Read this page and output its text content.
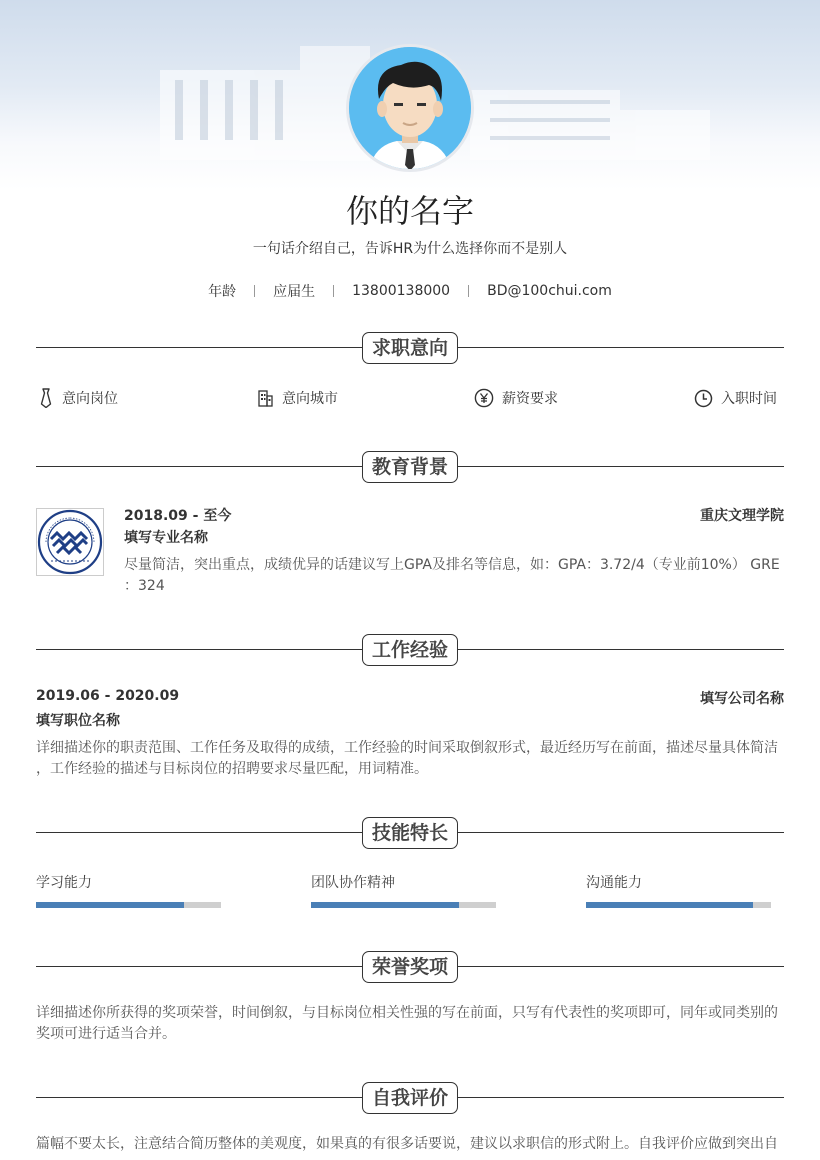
你的名字
一句话介绍自己，告诉HR为什么选择你而不是别人
年龄	应届生	13800138000	BD@100chui.com
求职意向
意向岗位	意向城市	薪资要求	入职时间
教育背景
2018.09 - 至今	重庆文理学院
填写专业名称
尽量简洁，突出重点，成绩优异的话建议写上GPA及排名等信息，如：GPA：3.72/4（专业前10%） GRE
：324
工作经验
2019.06 - 2020.09	填写公司名称
填写职位名称
详细描述你的职责范围、工作任务及取得的成绩，工作经验的时间采取倒叙形式，最近经历写在前面，描述尽量具体简洁
，工作经验的描述与目标岗位的招聘要求尽量匹配，用词精准。
技能特长
学习能力	团队协作精神	沟通能力
荣誉奖项
详细描述你所获得的奖项荣誉，时间倒叙，与目标岗位相关性强的写在前面，只写有代表性的奖项即可，同年或同类别的
奖项可进行适当合并。
自我评价
篇幅不要太长，注意结合简历整体的美观度，如果真的有很多话要说，建议以求职信的形式附上。自我评价应做到突出自
